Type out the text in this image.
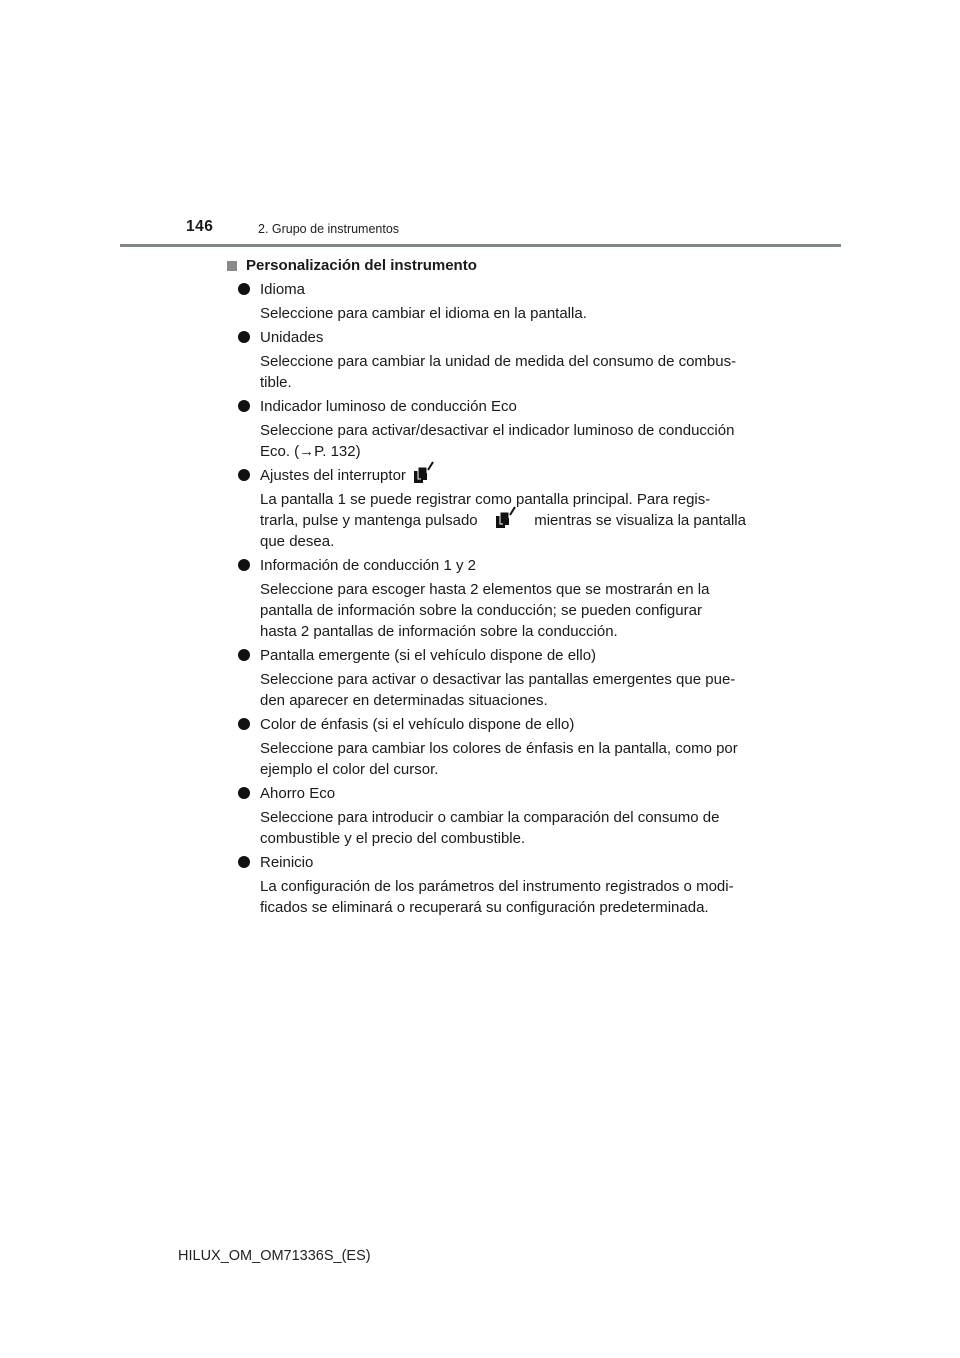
146	2. Grupo de instrumentos
Personalización del instrumento
Idioma
Seleccione para cambiar el idioma en la pantalla.
Unidades
Seleccione para cambiar la unidad de medida del consumo de combus-
tible.
Indicador luminoso de conducción Eco
Seleccione para activar/desactivar el indicador luminoso de conducción
Eco. (→P. 132)
Ajustes del interruptor
La pantalla 1 se puede registrar como pantalla principal. Para regis-
trarla, pulse y mantenga pulsado	mientras se visualiza la pantalla
que desea.
Información de conducción 1 y 2
Seleccione para escoger hasta 2 elementos que se mostrarán en la
pantalla de información sobre la conducción; se pueden configurar
hasta 2 pantallas de información sobre la conducción.
Pantalla emergente (si el vehículo dispone de ello)
Seleccione para activar o desactivar las pantallas emergentes que pue-
den aparecer en determinadas situaciones.
Color de énfasis (si el vehículo dispone de ello)
Seleccione para cambiar los colores de énfasis en la pantalla, como por
ejemplo el color del cursor.
Ahorro Eco
Seleccione para introducir o cambiar la comparación del consumo de
combustible y el precio del combustible.
Reinicio
La configuración de los parámetros del instrumento registrados o modi-
ficados se eliminará o recuperará su configuración predeterminada.
HILUX_OM_OM71336S_(ES)
